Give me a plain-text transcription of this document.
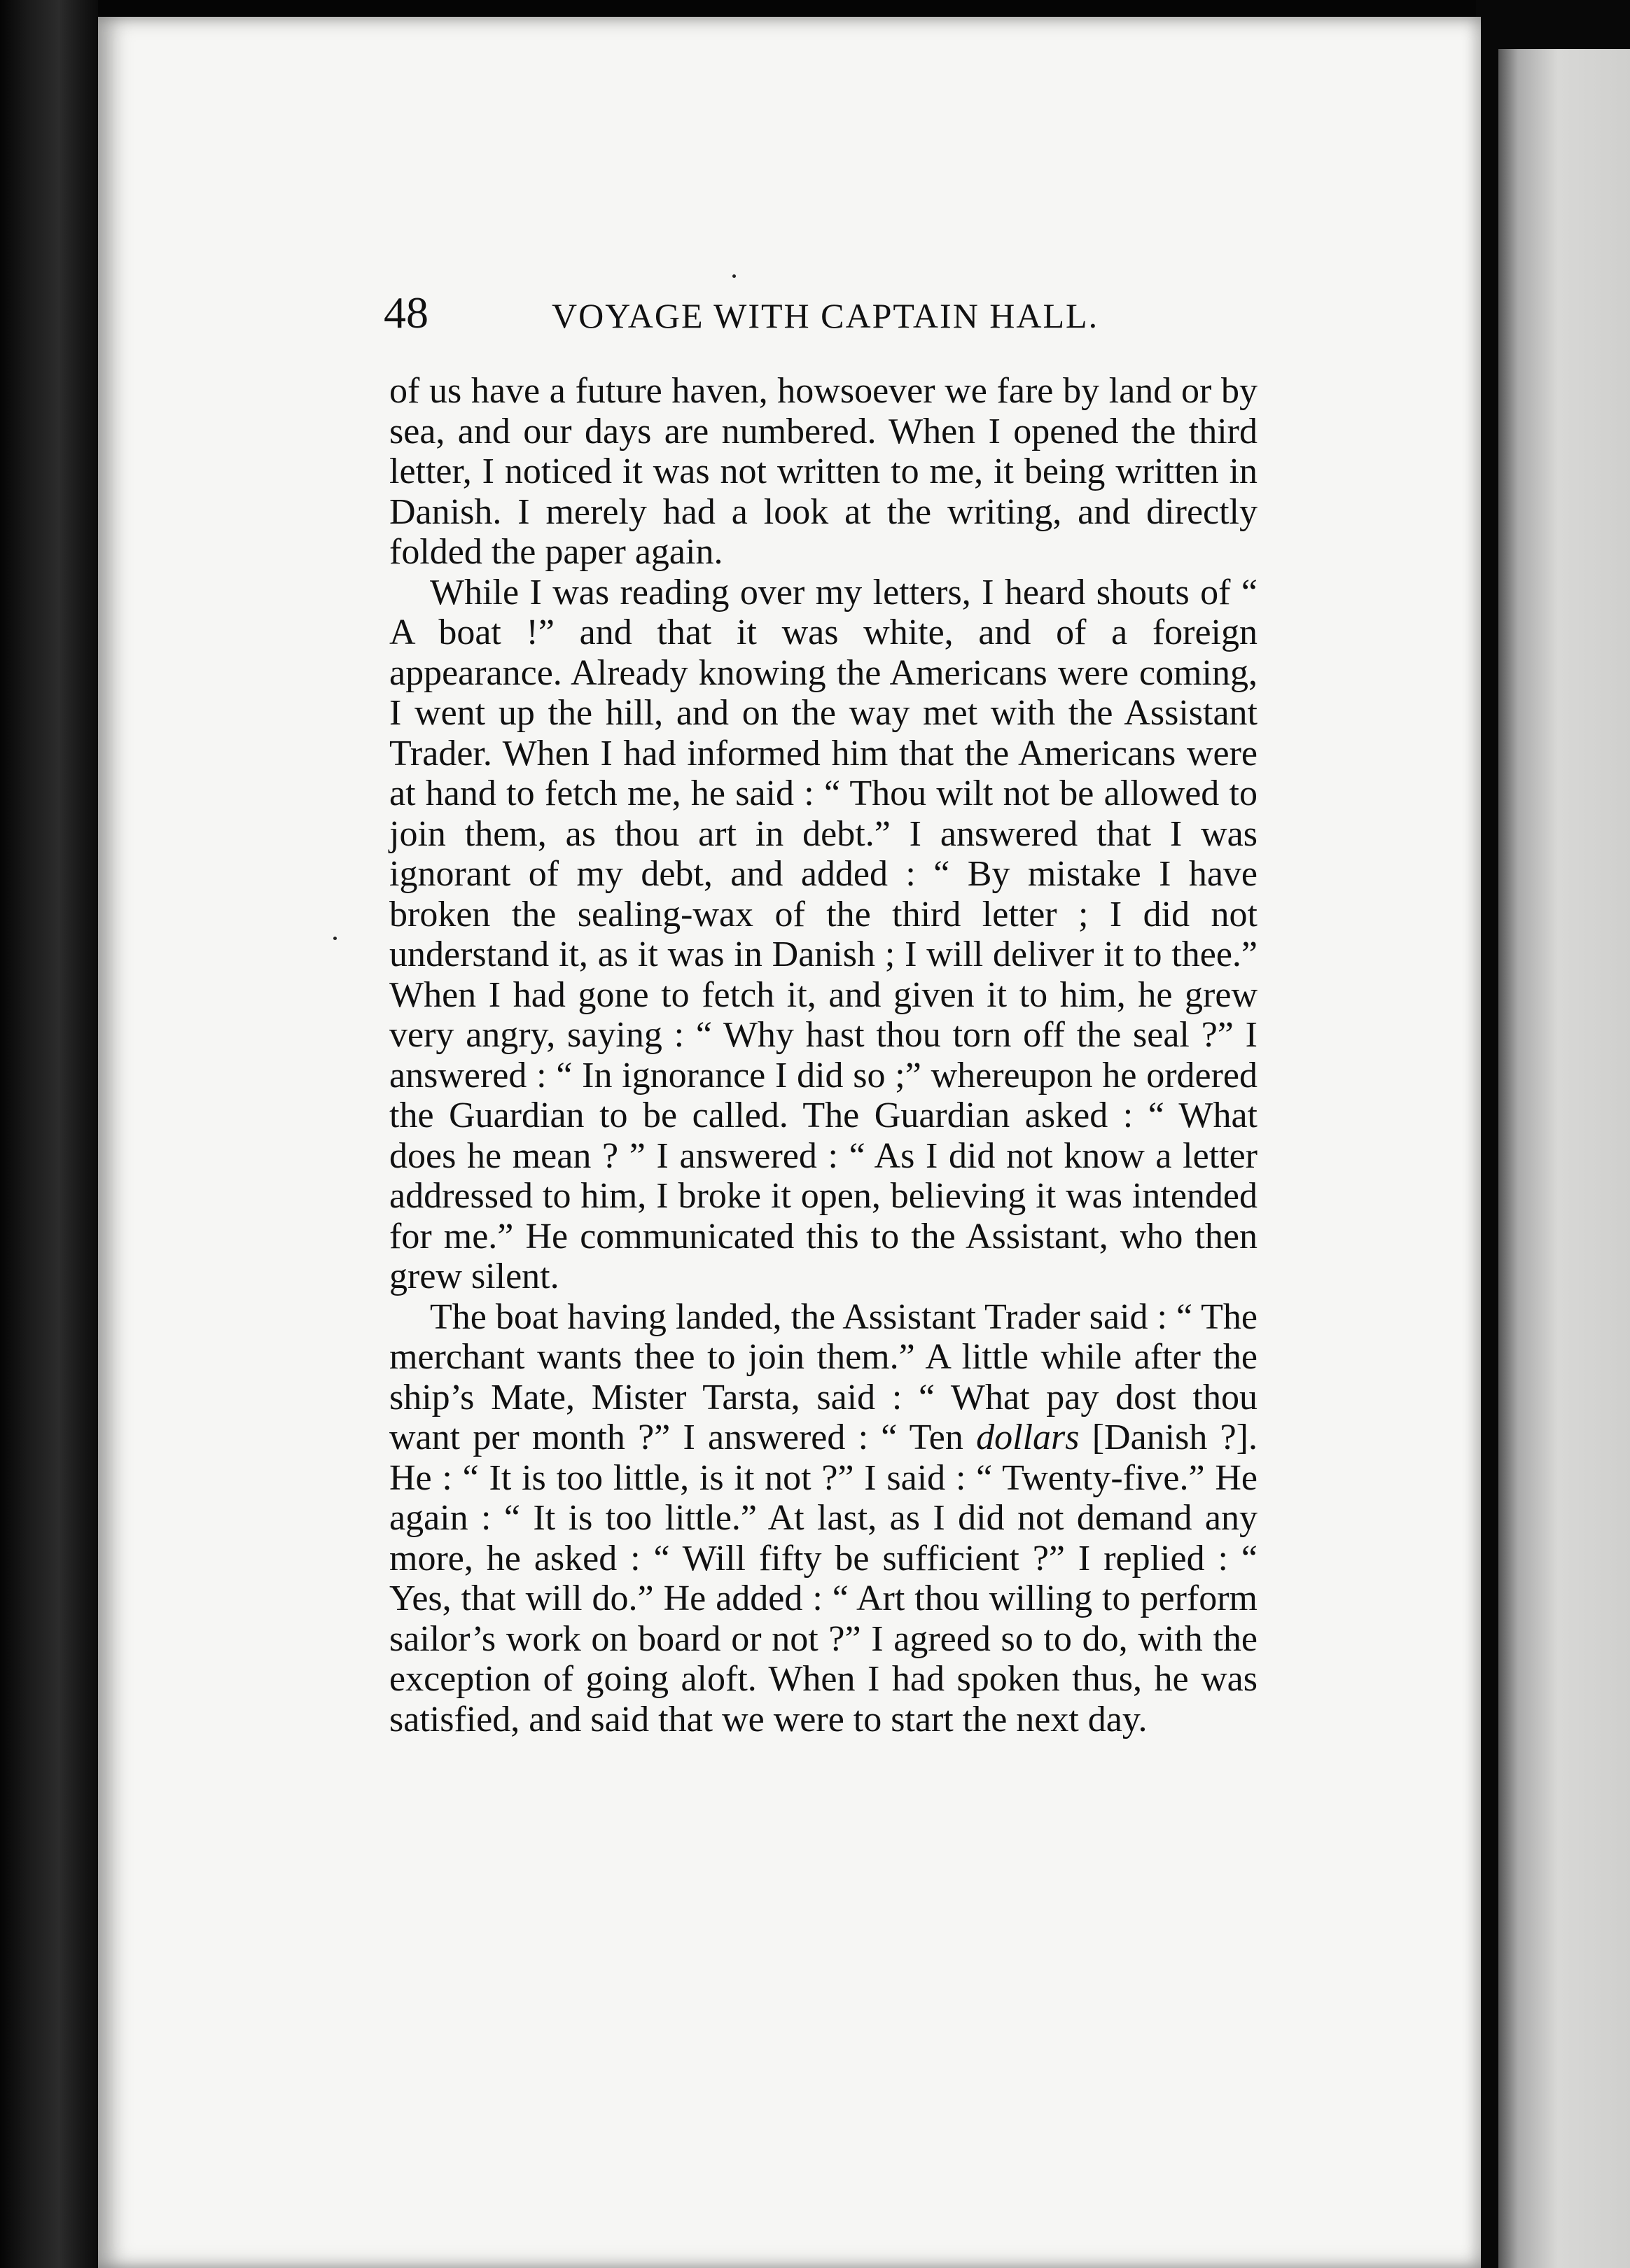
48	VOYAGE WITH CAPTAIN HALL.

of us have a future haven, howsoever we fare by land or by sea, and our days are numbered. When I opened the third letter, I noticed it was not written to me, it being written in Danish. I merely had a look at the writing, and directly folded the paper again.

While I was reading over my letters, I heard shouts of “ A boat !” and that it was white, and of a foreign appearance. Already knowing the Americans were coming, I went up the hill, and on the way met with the Assistant Trader. When I had informed him that the Americans were at hand to fetch me, he said : “ Thou wilt not be allowed to join them, as thou art in debt.” I answered that I was ignorant of my debt, and added : “ By mistake I have broken the sealing-wax of the third letter ; I did not understand it, as it was in Danish ; I will deliver it to thee.” When I had gone to fetch it, and given it to him, he grew very angry, saying : “ Why hast thou torn off the seal ?” I answered : “ In ignorance I did so ;” whereupon he ordered the Guardian to be called. The Guardian asked : “ What does he mean ? ” I answered : “ As I did not know a letter addressed to him, I broke it open, believing it was intended for me.” He communicated this to the Assistant, who then grew silent.

The boat having landed, the Assistant Trader said : “ The merchant wants thee to join them.” A little while after the ship’s Mate, Mister Tarsta, said : “ What pay dost thou want per month ?” I answered : “ Ten dollars [Danish ?]. He : “ It is too little, is it not ?” I said : “ Twenty-five.” He again : “ It is too little.” At last, as I did not demand any more, he asked : “ Will fifty be sufficient ?” I replied : “ Yes, that will do.” He added : “ Art thou willing to perform sailor’s work on board or not ?” I agreed so to do, with the exception of going aloft. When I had spoken thus, he was satisfied, and said that we were to start the next day.
